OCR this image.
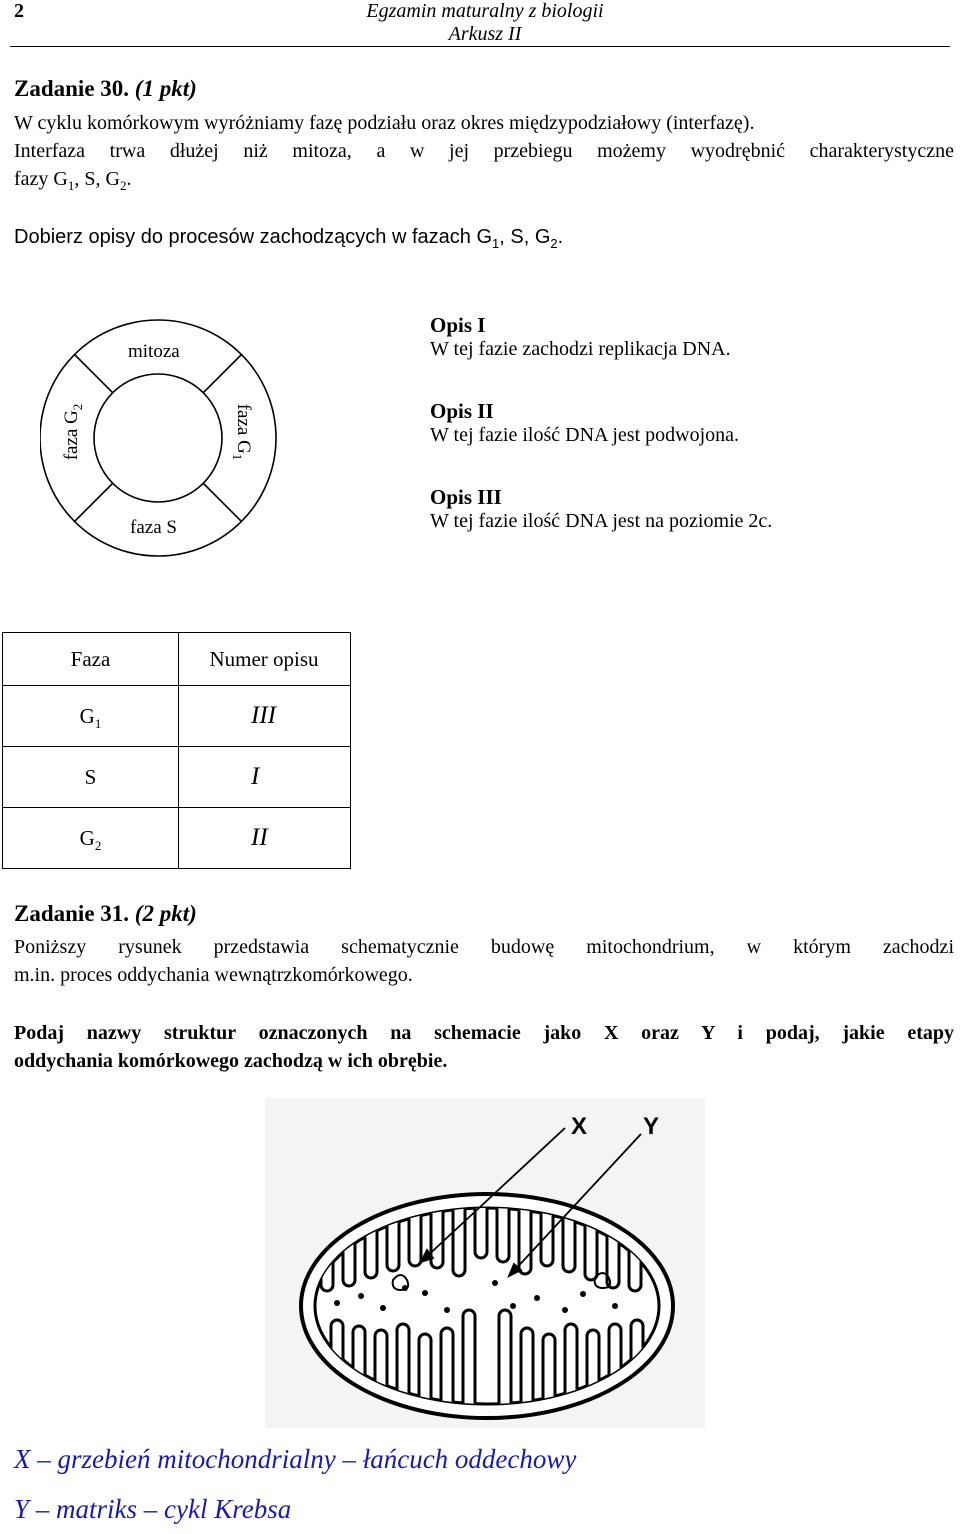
2	Egzamin maturalny z biologii
Arkusz II
Zadanie 30. (1 pkt)
W cyklu komórkowym wyróżniamy fazę podziału oraz okres międzypodziałowy (interfazę).
Interfaza trwa dłużej niż mitoza, a w jej przebiegu możemy wyodrębnić charakterystyczne
fazy $G_1$, S, $G_2$.
Dobierz opisy do procesów zachodzących w fazach $G_1$, S, $G_2$.
mitoza
faza S
faza $G_2$	faza $G_1$
Opis I
W tej fazie zachodzi replikacja DNA.
Opis II
W tej fazie ilość DNA jest podwojona.
Opis III
W tej fazie ilość DNA jest na poziomie 2c.
Faza	Numer opisu
$G_1$	III
S	I
$G_2$	II
Zadanie 31. (2 pkt)
Poniższy rysunek przedstawia schematycznie budowę mitochondrium, w którym zachodzi
m.in. proces oddychania wewnątrzkomórkowego.
Podaj nazwy struktur oznaczonych na schemacie jako X oraz Y i podaj, jakie etapy
oddychania komórkowego zachodzą w ich obrębie.
X Y
X – grzebień mitochondrialny – łańcuch oddechowy
Y – matriks – cykl Krebsa
